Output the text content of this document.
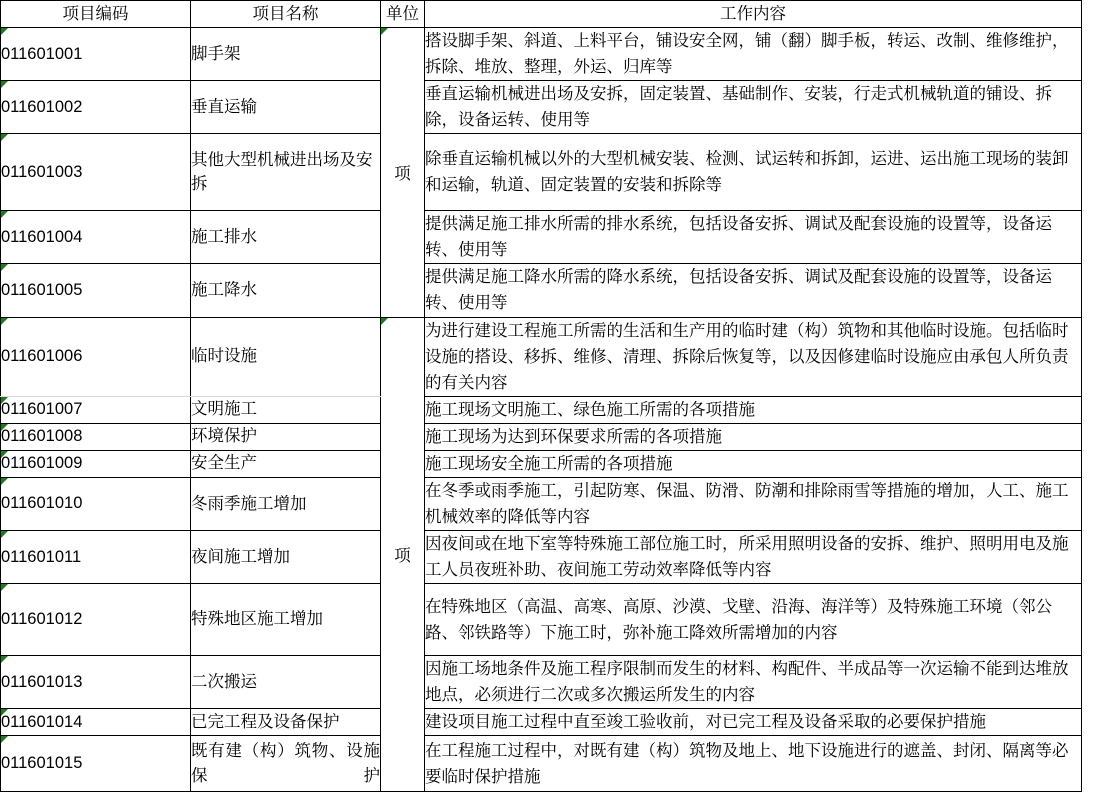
项目编码	项目名称	单位	工作内容

011601001	脚手架	项	搭设脚手架、斜道、上料平台，铺设安全网，铺（翻）脚手板，转运、改制、维修维护，拆除、堆放、整理，外运、归库等

011601002	垂直运输		垂直运输机械进出场及安拆，固定装置、基础制作、安装，行走式机械轨道的铺设、拆除，设备运转、使用等

011601003	其他大型机械进出场及安拆		除垂直运输机械以外的大型机械安装、检测、试运转和拆卸，运进、运出施工现场的装卸和运输，轨道、固定装置的安装和拆除等

011601004	施工排水		提供满足施工排水所需的排水系统，包括设备安拆、调试及配套设施的设置等，设备运转、使用等

011601005	施工降水		提供满足施工降水所需的降水系统，包括设备安拆、调试及配套设施的设置等，设备运转、使用等

011601006	临时设施	项	为进行建设工程施工所需的生活和生产用的临时建（构）筑物和其他临时设施。包括临时设施的搭设、移拆、维修、清理、拆除后恢复等，以及因修建临时设施应由承包人所负责的有关内容

011601007	文明施工		施工现场文明施工、绿色施工所需的各项措施

011601008	环境保护		施工现场为达到环保要求所需的各项措施

011601009	安全生产		施工现场安全施工所需的各项措施

011601010	冬雨季施工增加		在冬季或雨季施工，引起防寒、保温、防滑、防潮和排除雨雪等措施的增加，人工、施工机械效率的降低等内容

011601011	夜间施工增加		因夜间或在地下室等特殊施工部位施工时，所采用照明设备的安拆、维护、照明用电及施工人员夜班补助、夜间施工劳动效率降低等内容

011601012	特殊地区施工增加		在特殊地区（高温、高寒、高原、沙漠、戈壁、沿海、海洋等）及特殊施工环境（邻公路、邻铁路等）下施工时，弥补施工降效所需增加的内容

011601013	二次搬运		因施工场地条件及施工程序限制而发生的材料、构配件、半成品等一次运输不能到达堆放地点，必须进行二次或多次搬运所发生的内容

011601014	已完工程及设备保护		建设项目施工过程中直至竣工验收前，对已完工程及设备采取的必要保护措施

011601015	既有建（构）筑物、设施保护		在工程施工过程中，对既有建（构）筑物及地上、地下设施进行的遮盖、封闭、隔离等必要临时保护措施
